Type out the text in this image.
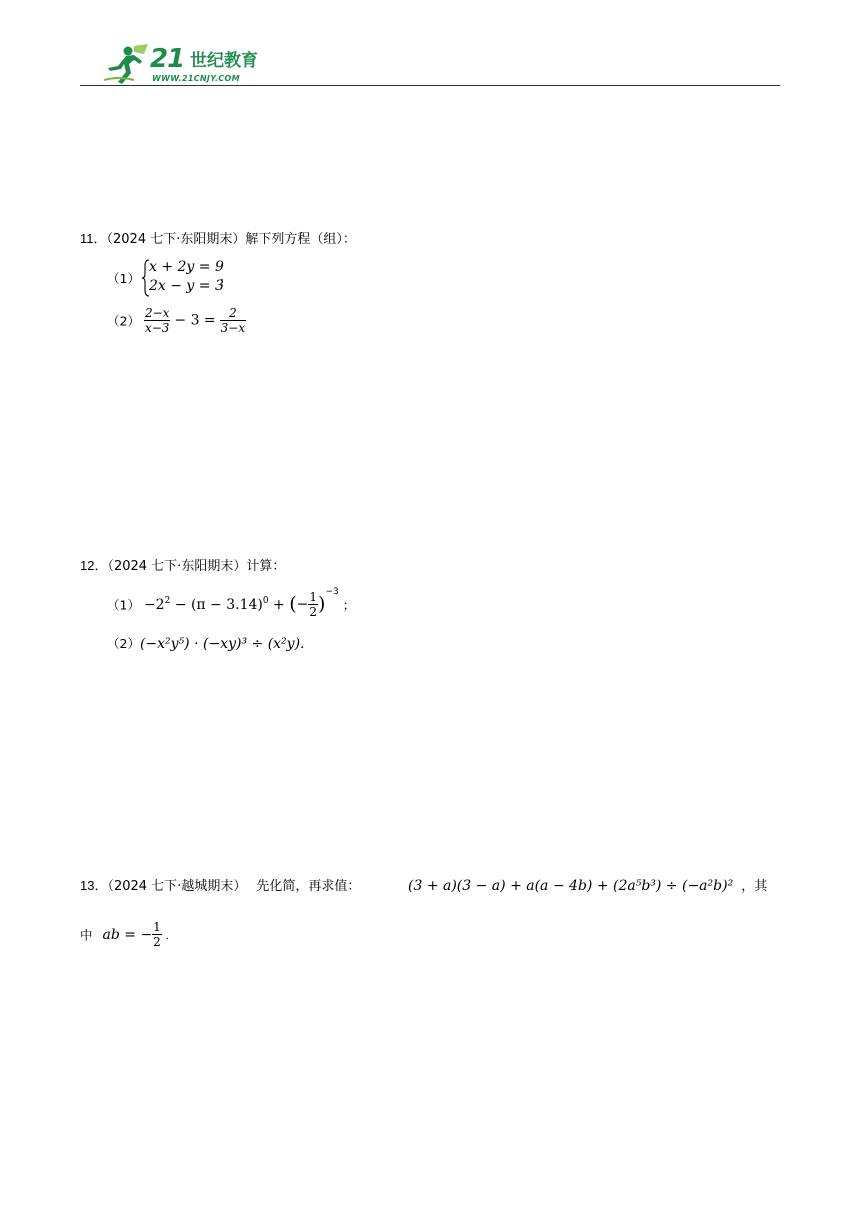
21 世纪教育
WWW.21CNJY.COM
11．（2024 七下·东阳期末）解下列方程（组）：
（1）
x + 2y = 9
2x − y = 3
；
$(2) \frac{2-x}{x-3} - 3 = \frac{2}{3-x}$
12．（2024 七下·东阳期末）计算：
$(1) -2^2 - (\pi - 3.14)^0$ + (− $\frac{1}{2} )^{-3}$ ；
（2）(−x²y⁵) · (−xy)³ ÷ (x²y).
13．（2024 七下·越城期末） 先化简，再求值：	(3 + a)(3 − a) + a(a − 4b) + (2a⁵b³) ÷ (−a²b)² ，其
中 ab = − $\frac{1}{2}$ ．
